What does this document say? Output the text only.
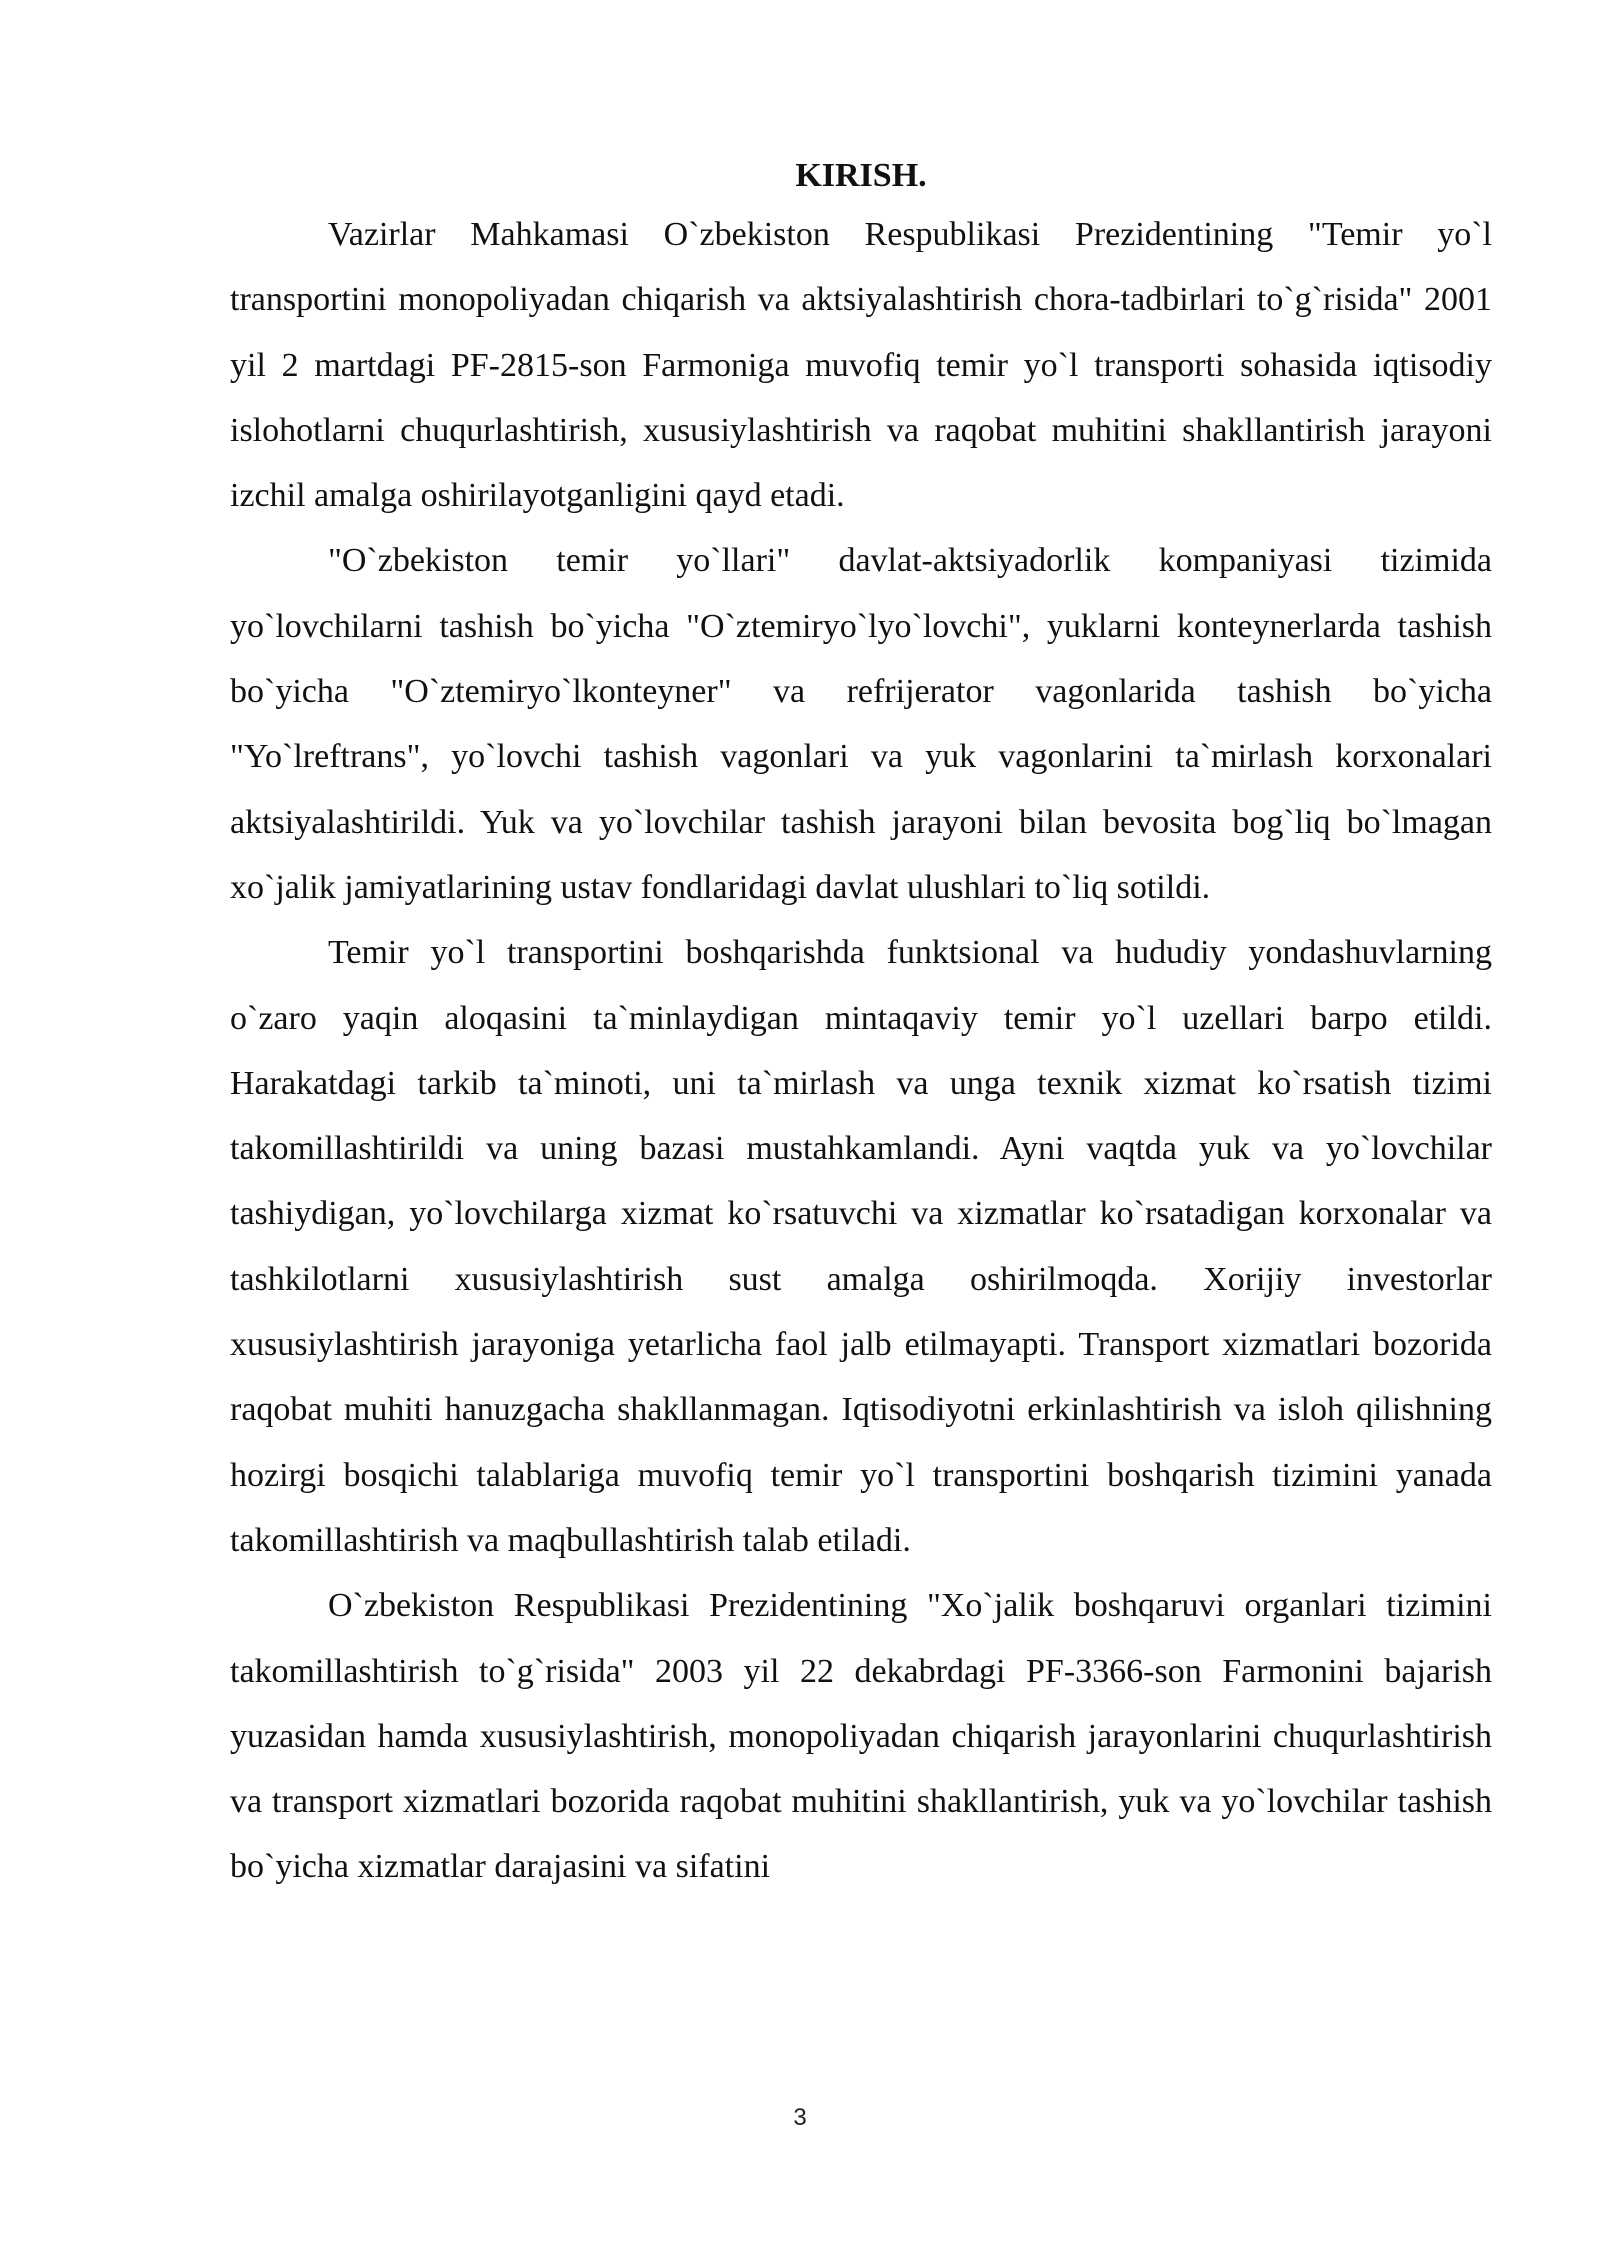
KIRISH.

Vazirlar Mahkamasi O`zbekiston Respublikasi Prezidentining "Temir yo`l transportini monopoliyadan chiqarish va aktsiyalashtirish chora-tadbirlari to`g`risida" 2001 yil 2 martdagi PF-2815-son Farmoniga muvofiq temir yo`l transporti sohasida iqtisodiy islohotlarni chuqurlashtirish, xususiylashtirish va raqobat muhitini shakllantirish jarayoni izchil amalga oshirilayotganligini qayd etadi.

"O`zbekiston temir yo`llari" davlat-aktsiyadorlik kompaniyasi tizimida yo`lovchilarni tashish bo`yicha "O`ztemiryo`lyo`lovchi", yuklarni konteynerlarda tashish bo`yicha "O`ztemiryo`lkonteyner" va refrijerator vagonlarida tashish bo`yicha "Yo`lreftrans", yo`lovchi tashish vagonlari va yuk vagonlarini ta`mirlash korxonalari aktsiyalashtirildi. Yuk va yo`lovchilar tashish jarayoni bilan bevosita bog`liq bo`lmagan xo`jalik jamiyatlarining ustav fondlaridagi davlat ulushlari to`liq sotildi.

Temir yo`l transportini boshqarishda funktsional va hududiy yondashuvlarning o`zaro yaqin aloqasini ta`minlaydigan mintaqaviy temir yo`l uzellari barpo etildi. Harakatdagi tarkib ta`minoti, uni ta`mirlash va unga texnik xizmat ko`rsatish tizimi takomillashtirildi va uning bazasi mustahkamlandi. Ayni vaqtda yuk va yo`lovchilar tashiydigan, yo`lovchilarga xizmat ko`rsatuvchi va xizmatlar ko`rsatadigan korxonalar va tashkilotlarni xususiylashtirish sust amalga oshirilmoqda. Xorijiy investorlar xususiylashtirish jarayoniga yetarlicha faol jalb etilmayapti. Transport xizmatlari bozorida raqobat muhiti hanuzgacha shakllanmagan. Iqtisodiyotni erkinlashtirish va isloh qilishning hozirgi bosqichi talablariga muvofiq temir yo`l transportini boshqarish tizimini yanada takomillashtirish va maqbullashtirish talab etiladi.

O`zbekiston Respublikasi Prezidentining "Xo`jalik boshqaruvi organlari tizimini takomillashtirish to`g`risida" 2003 yil 22 dekabrdagi PF-3366-son Farmonini bajarish yuzasidan hamda xususiylashtirish, monopoliyadan chiqarish jarayonlarini chuqurlashtirish va transport xizmatlari bozorida raqobat muhitini shakllantirish, yuk va yo`lovchilar tashish bo`yicha xizmatlar darajasini va sifatini

3
